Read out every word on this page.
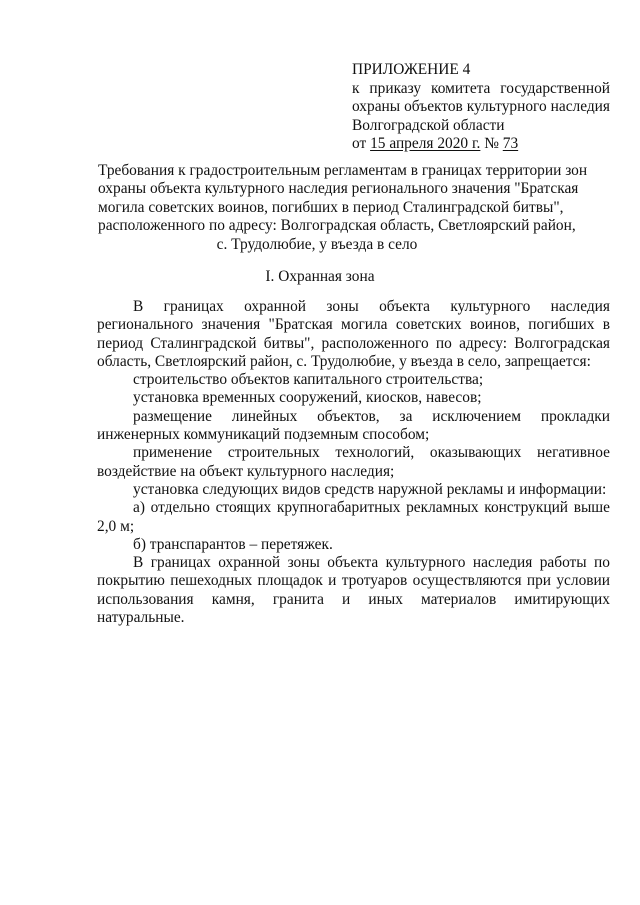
ПРИЛОЖЕНИЕ 4
к приказу комитета государственной
охраны объектов культурного наследия
Волгоградской области
от 15 апреля 2020 г. № 73
Требования к градостроительным регламентам в границах территории зон
охраны объекта культурного наследия регионального значения "Братская
могила советских воинов, погибших в период Сталинградской битвы",
расположенного по адресу: Волгоградская область, Светлоярский район,
с. Трудолюбие, у въезда в село
I. Охранная зона

В границах охранной зоны объекта культурного наследия регионального значения "Братская могила советских воинов, погибших в период Сталинградской битвы", расположенного по адресу: Волгоградская область, Светлоярский район, с. Трудолюбие, у въезда в село, запрещается:

строительство объектов капитального строительства;

установка временных сооружений, киосков, навесов;

размещение линейных объектов, за исключением прокладки инженерных коммуникаций подземным способом;

применение строительных технологий, оказывающих негативное воздействие на объект культурного наследия;

установка следующих видов средств наружной рекламы и информации:

а) отдельно стоящих крупногабаритных рекламных конструкций выше 2,0 м;

б) транспарантов – перетяжек.

В границах охранной зоны объекта культурного наследия работы по покрытию пешеходных площадок и тротуаров осуществляются при условии использования камня, гранита и иных материалов имитирующих натуральные.
